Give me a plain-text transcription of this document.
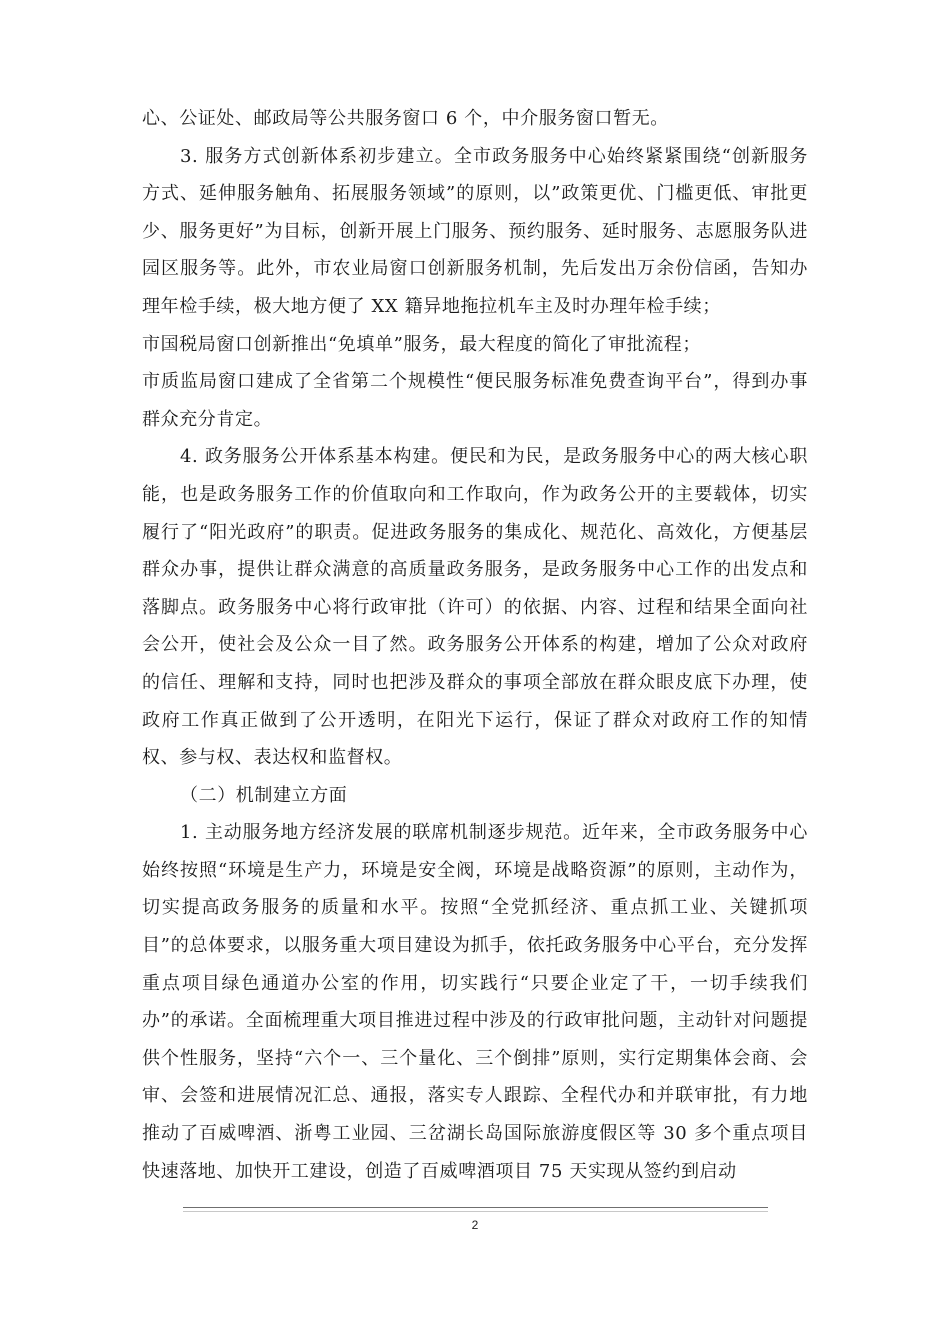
心、公证处、邮政局等公共服务窗口 6 个，中介服务窗口暂无。

3. 服务方式创新体系初步建立。全市政务服务中心始终紧紧围绕“创新服务方式、延伸服务触角、拓展服务领域”的原则，以”政策更优、门槛更低、审批更少、服务更好”为目标，创新开展上门服务、预约服务、延时服务、志愿服务队进园区服务等。此外，市农业局窗口创新服务机制，先后发出万余份信函，告知办理年检手续，极大地方便了 XX 籍异地拖拉机车主及时办理年检手续；

市国税局窗口创新推出“免填单”服务，最大程度的简化了审批流程；

市质监局窗口建成了全省第二个规模性“便民服务标准免费查询平台”，得到办事群众充分肯定。

4. 政务服务公开体系基本构建。便民和为民，是政务服务中心的两大核心职能，也是政务服务工作的价值取向和工作取向，作为政务公开的主要载体，切实履行了“阳光政府”的职责。促进政务服务的集成化、规范化、高效化，方便基层群众办事，提供让群众满意的高质量政务服务，是政务服务中心工作的出发点和落脚点。政务服务中心将行政审批（许可）的依据、内容、过程和结果全面向社会公开，使社会及公众一目了然。政务服务公开体系的构建，增加了公众对政府的信任、理解和支持，同时也把涉及群众的事项全部放在群众眼皮底下办理，使政府工作真正做到了公开透明，在阳光下运行，保证了群众对政府工作的知情权、参与权、表达权和监督权。

（二）机制建立方面

1. 主动服务地方经济发展的联席机制逐步规范。近年来，全市政务服务中心始终按照“环境是生产力，环境是安全阀，环境是战略资源”的原则，主动作为，切实提高政务服务的质量和水平。按照“全党抓经济、重点抓工业、关键抓项目”的总体要求，以服务重大项目建设为抓手，依托政务服务中心平台，充分发挥重点项目绿色通道办公室的作用，切实践行“只要企业定了干，一切手续我们办”的承诺。全面梳理重大项目推进过程中涉及的行政审批问题，主动针对问题提供个性服务，坚持“六个一、三个量化、三个倒排”原则，实行定期集体会商、会审、会签和进展情况汇总、通报，落实专人跟踪、全程代办和并联审批，有力地推动了百威啤酒、浙粤工业园、三岔湖长岛国际旅游度假区等 30 多个重点项目快速落地、加快开工建设，创造了百威啤酒项目 75 天实现从签约到启动

2
